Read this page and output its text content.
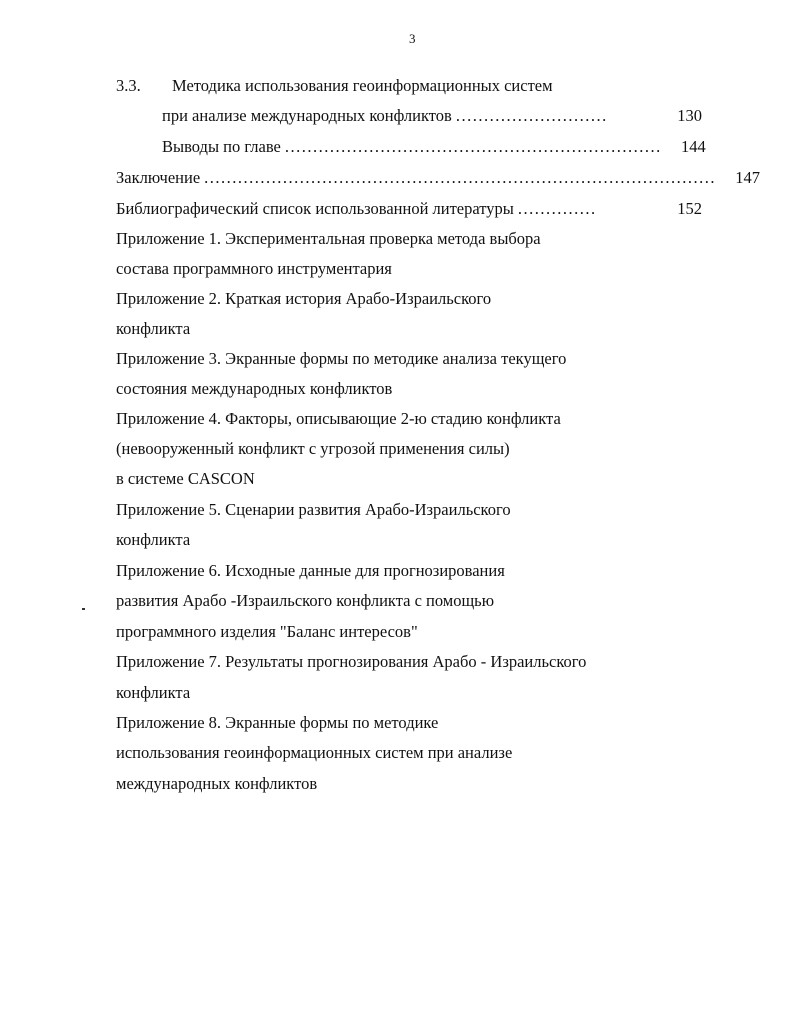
3
3.3. Методика использования геоинформационных систем
при анализе международных конфликтов ...........................	130
Выводы по главе ...................................................................	144
Заключение ...........................................................................................	147
Библиографический список использованной литературы ..............	152
Приложение 1. Экспериментальная проверка метода выбора
состава программного инструментария
Приложение 2. Краткая история Арабо-Израильского
конфликта
Приложение 3. Экранные формы по методике анализа текущего
состояния международных конфликтов
Приложение 4. Факторы, описывающие 2-ю стадию конфликта
(невооруженный конфликт с угрозой применения силы)
в системе CASCON
Приложение 5. Сценарии развития Арабо-Израильского
конфликта
Приложение 6. Исходные данные для прогнозирования
развития Арабо -Израильского конфликта с помощью
программного изделия "Баланс интересов"
Приложение 7. Результаты прогнозирования Арабо - Израильского
конфликта
Приложение 8. Экранные формы по методике
использования геоинформационных систем при анализе
международных конфликтов
